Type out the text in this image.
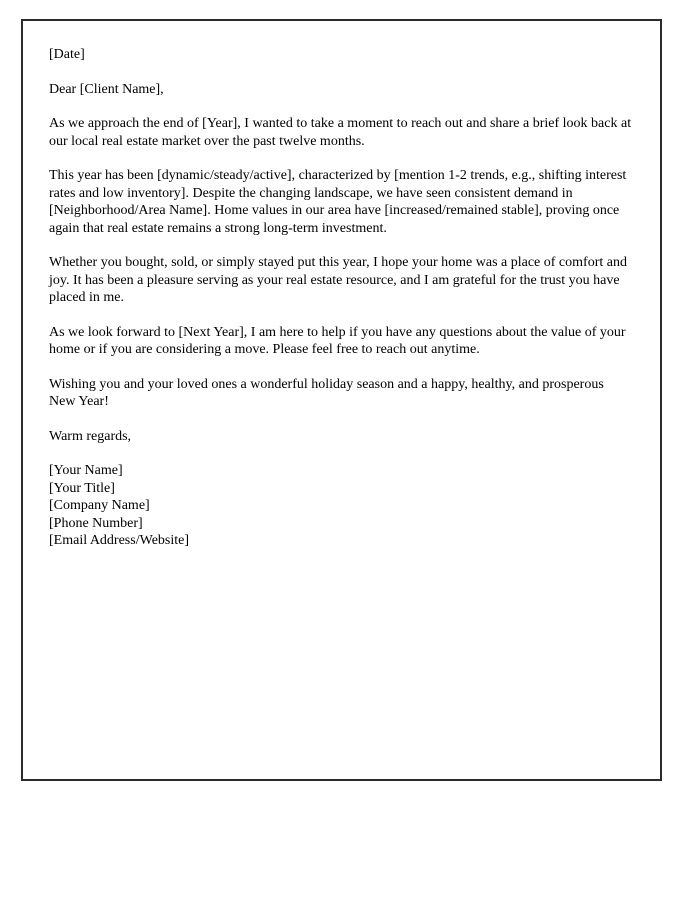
[Date]

Dear [Client Name],

As we approach the end of [Year], I wanted to take a moment to reach out and share a brief look back at our local real estate market over the past twelve months.

This year has been [dynamic/steady/active], characterized by [mention 1-2 trends, e.g., shifting interest rates and low inventory]. Despite the changing landscape, we have seen consistent demand in [Neighborhood/Area Name]. Home values in our area have [increased/remained stable], proving once again that real estate remains a strong long-term investment.

Whether you bought, sold, or simply stayed put this year, I hope your home was a place of comfort and joy. It has been a pleasure serving as your real estate resource, and I am grateful for the trust you have placed in me.

As we look forward to [Next Year], I am here to help if you have any questions about the value of your home or if you are considering a move. Please feel free to reach out anytime.

Wishing you and your loved ones a wonderful holiday season and a happy, healthy, and prosperous New Year!

Warm regards,

[Your Name]
[Your Title]
[Company Name]
[Phone Number]
[Email Address/Website]
